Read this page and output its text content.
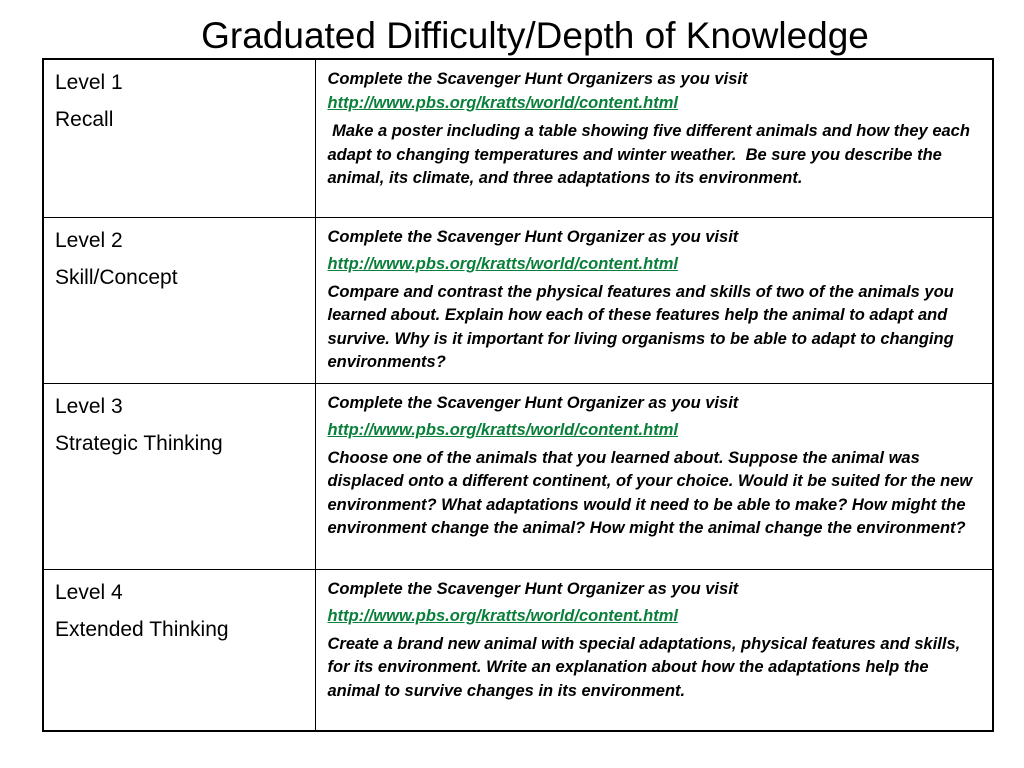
Graduated Difficulty/Depth of Knowledge
Level 1
Recall	Complete the Scavenger Hunt Organizers as you visit
http://www.pbs.org/kratts/world/content.html
Make a poster including a table showing five different animals and how they each adapt to changing temperatures and winter weather.  Be sure you describe the animal, its climate, and three adaptations to its environment.

Level 2
Skill/Concept	Complete the Scavenger Hunt Organizer as you visit
http://www.pbs.org/kratts/world/content.html
Compare and contrast the physical features and skills of two of the animals you learned about. Explain how each of these features help the animal to adapt and survive. Why is it important for living organisms to be able to adapt to changing environments?

Level 3
Strategic Thinking	Complete the Scavenger Hunt Organizer as you visit
http://www.pbs.org/kratts/world/content.html
Choose one of the animals that you learned about. Suppose the animal was displaced onto a different continent, of your choice. Would it be suited for the new environment? What adaptations would it need to be able to make? How might the environment change the animal? How might the animal change the environment?

Level 4
Extended Thinking	Complete the Scavenger Hunt Organizer as you visit
http://www.pbs.org/kratts/world/content.html
Create a brand new animal with special adaptations, physical features and skills, for its environment. Write an explanation about how the adaptations help the animal to survive changes in its environment.
